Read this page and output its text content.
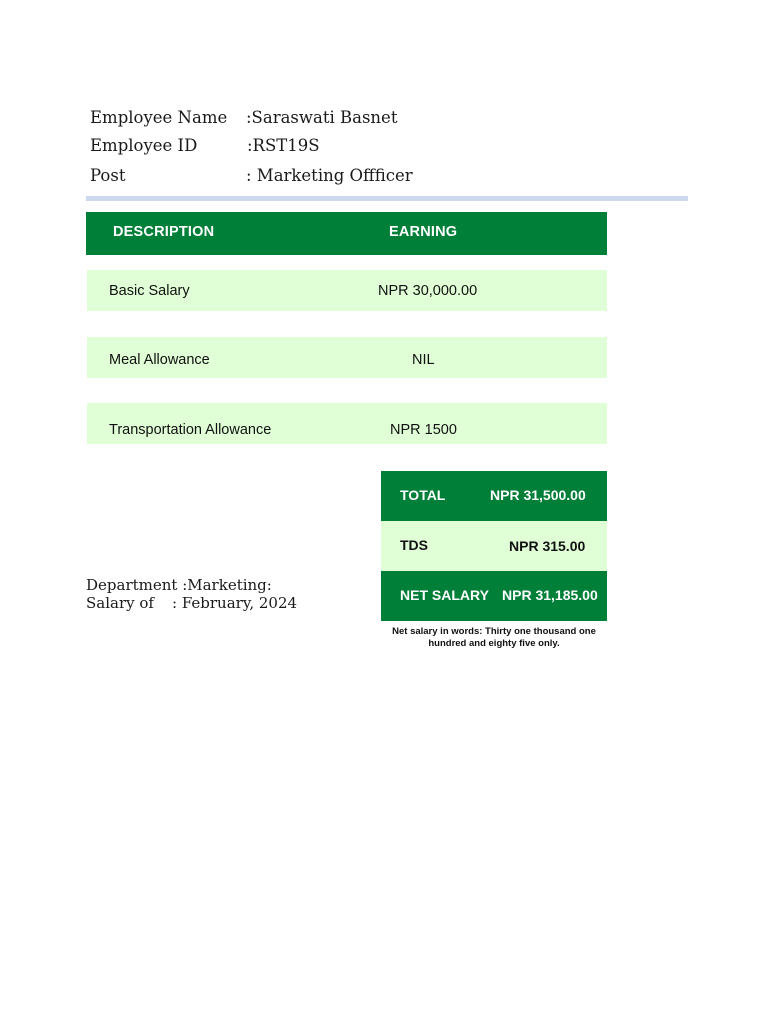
Employee Name :Saraswati Basnet
Employee ID	:RST19S
Post	: Marketing Offficer
DESCRIPTION	EARNING
Basic Salary	NPR 30,000.00
Meal Allowance	NIL
Transportation Allowance	NPR 1500
TOTAL	NPR 31,500.00
TDS	NPR 315.00
NET SALARY NPR 31,185.00
Net salary in words: Thirty one thousand one hundred and eighty five only.
Department :Marketing:
Salary of : February, 2024
